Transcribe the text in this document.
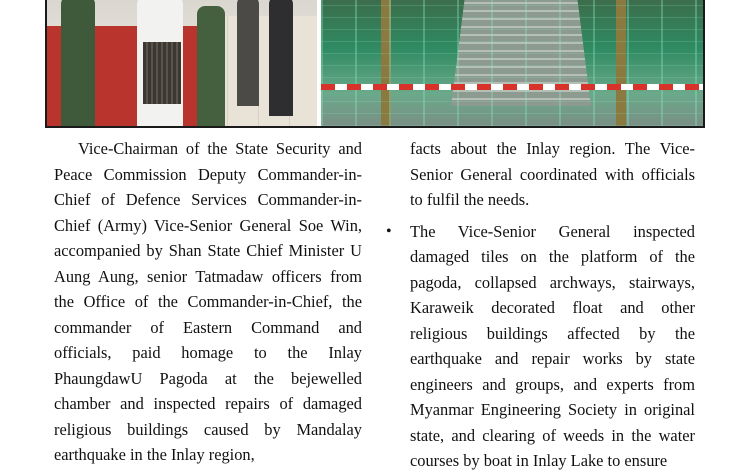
Vice-Chairman of the State Security and Peace Commission Deputy Commander-in-Chief of Defence Services Commander-in-Chief (Army) Vice-Senior General Soe Win, accompanied by Shan State Chief Minister U Aung Aung, senior Tatmadaw officers from the Office of the Commander-in-Chief, the commander of Eastern Command and officials, paid homage to the Inlay PhaungdawU Pagoda at the bejewelled chamber and inspected repairs of damaged religious buildings caused by Mandalay earthquake in the Inlay region,

facts about the Inlay region. The Vice-Senior General coordinated with officials to fulfil the needs.

• The Vice-Senior General inspected damaged tiles on the platform of the pagoda, collapsed archways, stairways, Karaweik decorated float and other religious buildings affected by the earthquake and repair works by state engineers and groups, and experts from Myanmar Engineering Society in original state, and clearing of weeds in the water courses by boat in Inlay Lake to ensure
